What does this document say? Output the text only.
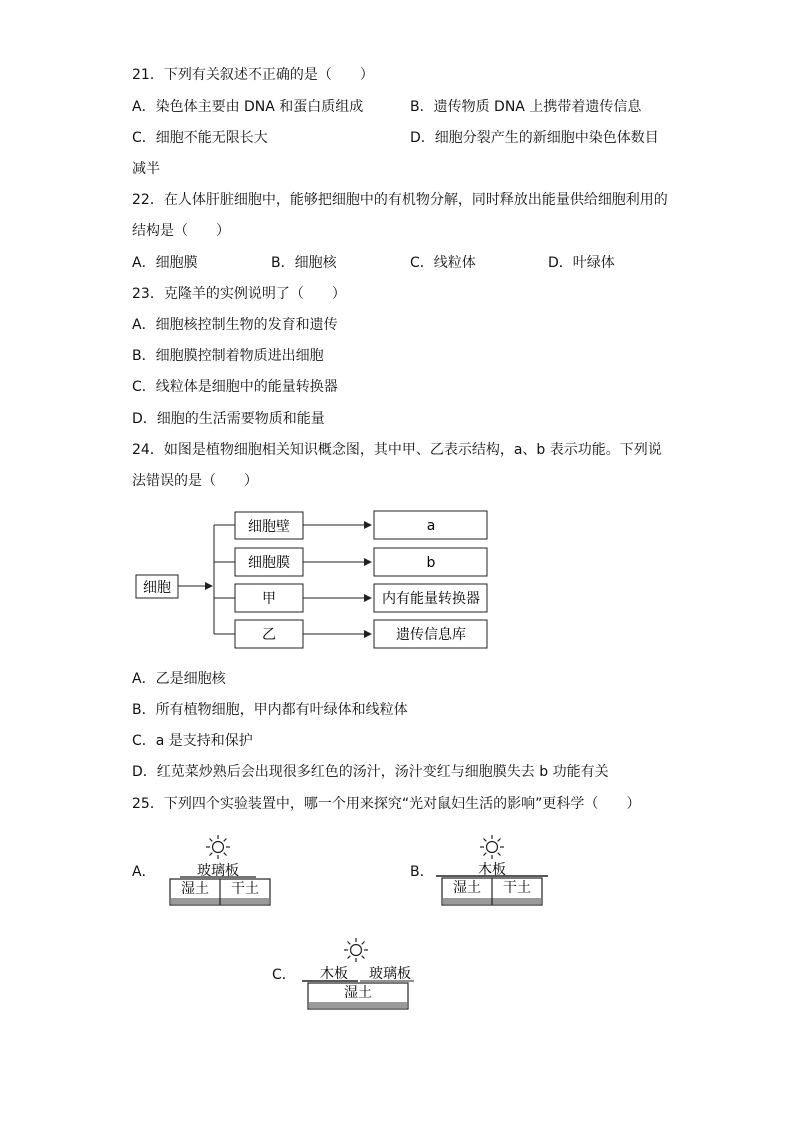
21．下列有关叙述不正确的是（　　）
A．染色体主要由 DNA 和蛋白质组成	B．遗传物质 DNA 上携带着遗传信息
C．细胞不能无限长大	D．细胞分裂产生的新细胞中染色体数目
减半
22．在人体肝脏细胞中，能够把细胞中的有机物分解，同时释放出能量供给细胞利用的
结构是（　　）
A．细胞膜	B．细胞核	C．线粒体	D．叶绿体
23．克隆羊的实例说明了（　　）
A．细胞核控制生物的发育和遗传
B．细胞膜控制着物质进出细胞
C．线粒体是细胞中的能量转换器
D．细胞的生活需要物质和能量
24．如图是植物细胞相关知识概念图，其中甲、乙表示结构，a、b 表示功能。下列说
法错误的是（　　）
细胞
细胞壁
细胞膜
甲
乙
a
b
内有能量转换器
遗传信息库
A．乙是细胞核
B．所有植物细胞，甲内都有叶绿体和线粒体
C．a 是支持和保护
D．红苋菜炒熟后会出现很多红色的汤汁，汤汁变红与细胞膜失去 b 功能有关
25．下列四个实验装置中，哪一个用来探究“光对鼠妇生活的影响”更科学（　　）
A．	玻璃板
湿土 干土
B．	木板
湿土 干土
C． 木板 玻璃板
湿土
